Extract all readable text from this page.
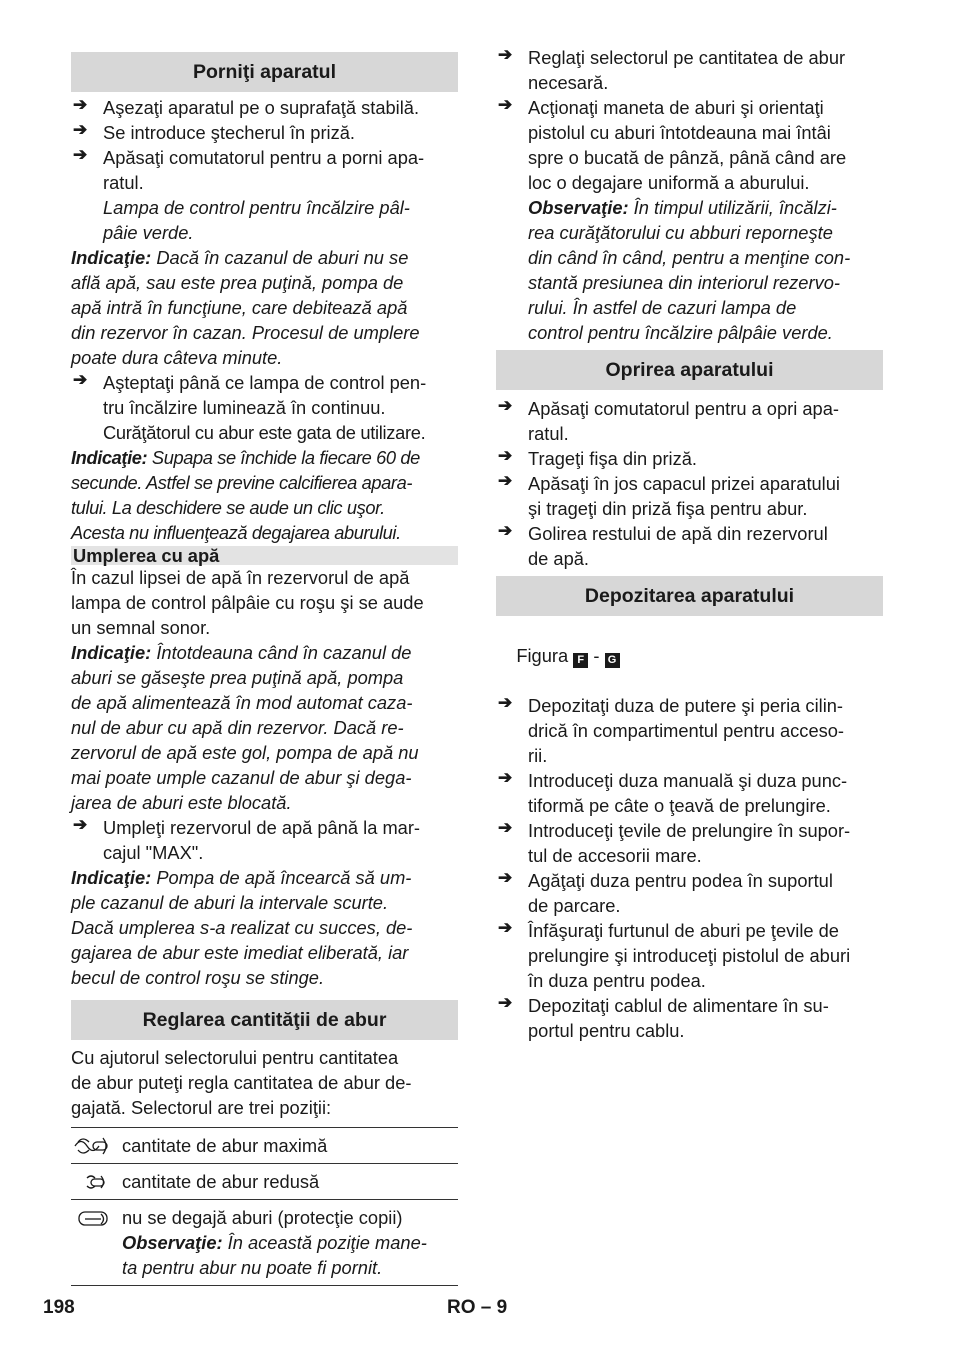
Porniţi aparatul
➔ Aşezaţi aparatul pe o suprafaţă stabilă.
➔ Se introduce ştecherul în priză.
➔ Apăsaţi comutatorul pentru a porni apa-
ratul.
Lampa de control pentru încălzire pâl-
pâie verde.
Indicaţie: Dacă în cazanul de aburi nu se
află apă, sau este prea puţină, pompa de
apă intră în funcţiune, care debitează apă
din rezervor în cazan. Procesul de umplere
poate dura câteva minute.
➔ Aşteptaţi până ce lampa de control pen-
tru încălzire luminează în continuu.
Curăţătorul cu abur este gata de utilizare.
Indicaţie: Supapa se închide la fiecare 60 de
secunde. Astfel se previne calcifierea apara-
tului. La deschidere se aude un clic uşor.
Acesta nu influenţează degajarea aburului.
Umplerea cu apă
În cazul lipsei de apă în rezervorul de apă
lampa de control pâlpâie cu roşu şi se aude
un semnal sonor.
Indicaţie: Întotdeauna când în cazanul de
aburi se găseşte prea puţină apă, pompa
de apă alimentează în mod automat caza-
nul de abur cu apă din rezervor. Dacă re-
zervorul de apă este gol, pompa de apă nu
mai poate umple cazanul de abur şi dega-
jarea de aburi este blocată.
➔ Umpleţi rezervorul de apă până la mar-
cajul "MAX".
Indicaţie: Pompa de apă încearcă să um-
ple cazanul de aburi la intervale scurte.
Dacă umplerea s-a realizat cu succes, de-
gajarea de abur este imediat eliberată, iar
becul de control roşu se stinge.
Reglarea cantităţii de abur
Cu ajutorul selectorului pentru cantitatea
de abur puteţi regla cantitatea de abur de-
gajată. Selectorul are trei poziţii:
cantitate de abur maximă
cantitate de abur redusă
nu se degajă aburi (protecţie copii)
Observaţie: În această poziţie mane-
ta pentru abur nu poate fi pornit.
➔ Reglaţi selectorul pe cantitatea de abur
necesară.
➔ Acţionaţi maneta de aburi şi orientaţi
pistolul cu aburi întotdeauna mai întâi
spre o bucată de pânză, până când are
loc o degajare uniformă a aburului.
Observaţie: În timpul utilizării, încălzi-
rea curăţătorului cu abburi reporneşte
din când în când, pentru a menţine con-
stantă presiunea din interiorul rezervo-
rului. În astfel de cazuri lampa de
control pentru încălzire pâlpâie verde.
Oprirea aparatului
➔ Apăsaţi comutatorul pentru a opri apa-
ratul.
➔ Trageţi fişa din priză.
➔ Apăsaţi în jos capacul prizei aparatului
şi trageţi din priză fişa pentru abur.
➔ Golirea restului de apă din rezervorul
de apă.
Depozitarea aparatului

Figura F - G

➔ Depozitaţi duza de putere şi peria cilin-
drică în compartimentul pentru acceso-
rii.
➔ Introduceţi duza manuală şi duza punc-
tiformă pe câte o ţeavă de prelungire.
➔ Introduceţi ţevile de prelungire în supor-
tul de accesorii mare.
➔ Agăţaţi duza pentru podea în suportul
de parcare.
➔ Înfăşuraţi furtunul de aburi pe ţevile de
prelungire şi introduceţi pistolul de aburi
în duza pentru podea.
➔ Depozitaţi cablul de alimentare în su-
portul pentru cablu.
198	RO – 9
